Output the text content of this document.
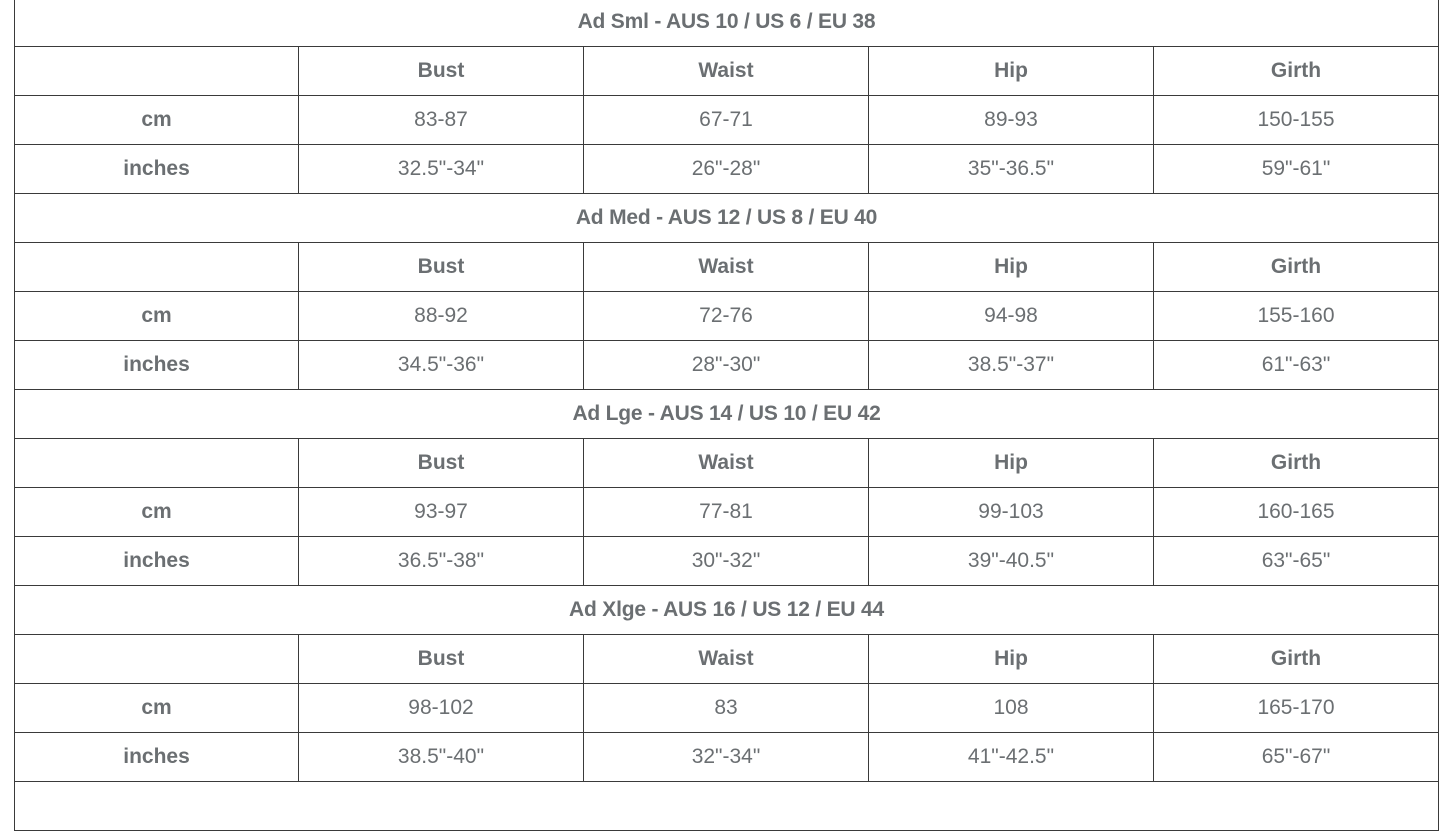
Ad Sml - AUS 10 / US 6 / EU 38				
	Bust	Waist	Hip	Girth
cm	83-87	67-71	89-93	150-155
inches	32.5"-34"	26"-28"	35"-36.5"	59"-61"
Ad Med - AUS 12 / US 8 / EU 40				
	Bust	Waist	Hip	Girth
cm	88-92	72-76	94-98	155-160
inches	34.5"-36"	28"-30"	38.5"-37"	61"-63"
Ad Lge - AUS 14 / US 10 / EU 42				
	Bust	Waist	Hip	Girth
cm	93-97	77-81	99-103	160-165
inches	36.5"-38"	30"-32"	39"-40.5"	63"-65"
Ad Xlge - AUS 16 / US 12 / EU 44				
	Bust	Waist	Hip	Girth
cm	98-102	83	108	165-170
inches	38.5"-40"	32"-34"	41"-42.5"	65"-67"
